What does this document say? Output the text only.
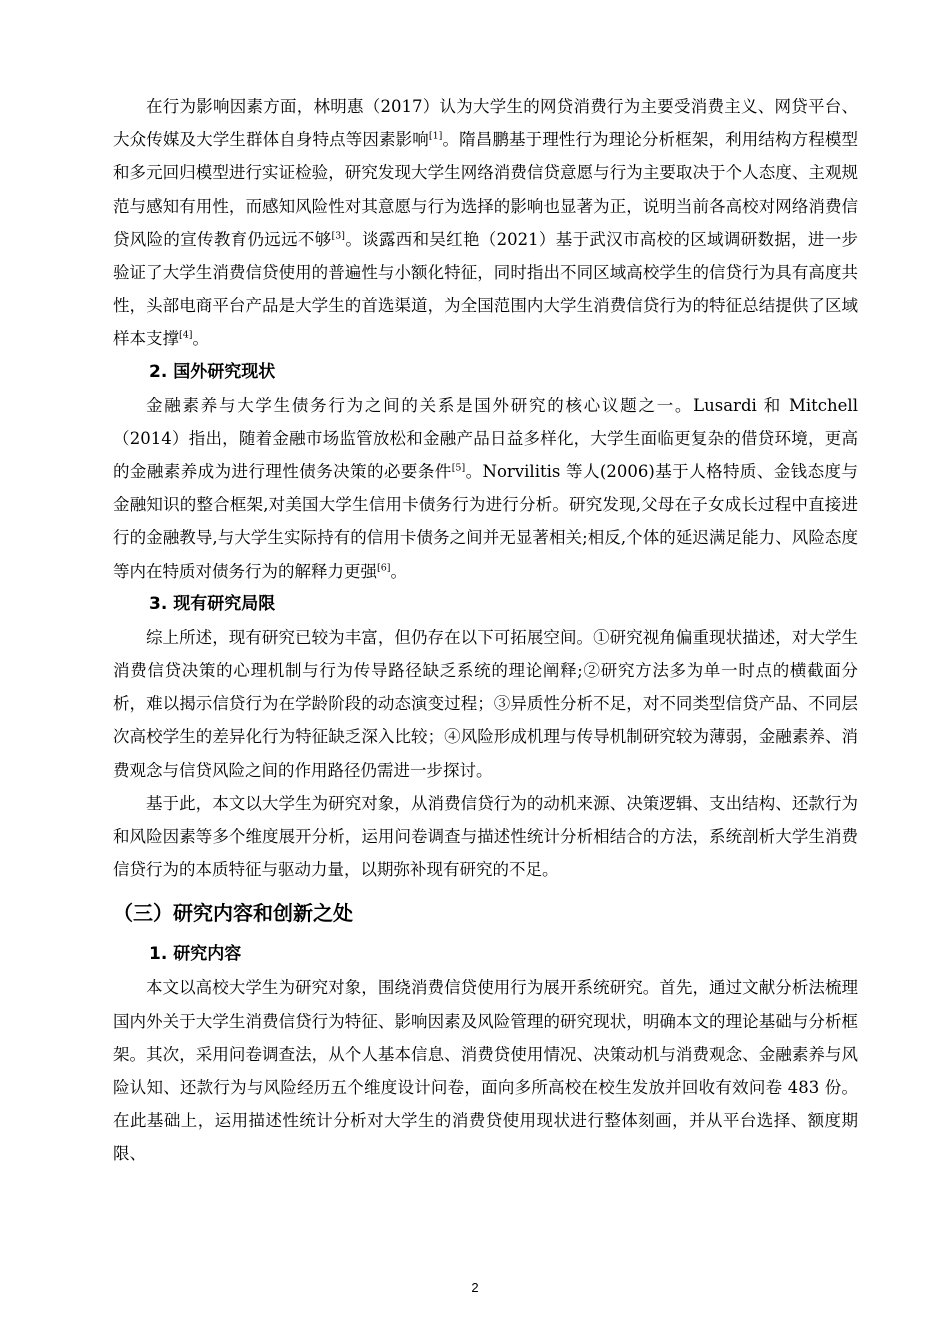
在行为影响因素方面，林明惠（2017）认为大学生的网贷消费行为主要受消费主义、网贷平台、大众传媒及大学生群体自身特点等因素影响[1]。隋昌鹏基于理性行为理论分析框架，利用结构方程模型和多元回归模型进行实证检验，研究发现大学生网络消费信贷意愿与行为主要取决于个人态度、主观规范与感知有用性，而感知风险性对其意愿与行为选择的影响也显著为正，说明当前各高校对网络消费信贷风险的宣传教育仍远远不够[3]。谈露西和吴红艳（2021）基于武汉市高校的区域调研数据，进一步验证了大学生消费信贷使用的普遍性与小额化特征，同时指出不同区域高校学生的信贷行为具有高度共性，头部电商平台产品是大学生的首选渠道，为全国范围内大学生消费信贷行为的特征总结提供了区域样本支撑[4]。

2. 国外研究现状

金融素养与大学生债务行为之间的关系是国外研究的核心议题之一。Lusardi 和 Mitchell（2014）指出，随着金融市场监管放松和金融产品日益多样化，大学生面临更复杂的借贷环境，更高的金融素养成为进行理性债务决策的必要条件[5]。Norvilitis 等人(2006)基于人格特质、金钱态度与金融知识的整合框架,对美国大学生信用卡债务行为进行分析。研究发现,父母在子女成长过程中直接进行的金融教导,与大学生实际持有的信用卡债务之间并无显著相关;相反,个体的延迟满足能力、风险态度等内在特质对债务行为的解释力更强[6]。

3. 现有研究局限

综上所述，现有研究已较为丰富，但仍存在以下可拓展空间。①研究视角偏重现状描述，对大学生消费信贷决策的心理机制与行为传导路径缺乏系统的理论阐释;②研究方法多为单一时点的横截面分析，难以揭示信贷行为在学龄阶段的动态演变过程；③异质性分析不足，对不同类型信贷产品、不同层次高校学生的差异化行为特征缺乏深入比较；④风险形成机理与传导机制研究较为薄弱，金融素养、消费观念与信贷风险之间的作用路径仍需进一步探讨。

基于此，本文以大学生为研究对象，从消费信贷行为的动机来源、决策逻辑、支出结构、还款行为和风险因素等多个维度展开分析，运用问卷调查与描述性统计分析相结合的方法，系统剖析大学生消费信贷行为的本质特征与驱动力量，以期弥补现有研究的不足。

（三）研究内容和创新之处
1. 研究内容

本文以高校大学生为研究对象，围绕消费信贷使用行为展开系统研究。首先，通过文献分析法梳理国内外关于大学生消费信贷行为特征、影响因素及风险管理的研究现状，明确本文的理论基础与分析框架。其次，采用问卷调查法，从个人基本信息、消费贷使用情况、决策动机与消费观念、金融素养与风险认知、还款行为与风险经历五个维度设计问卷，面向多所高校在校生发放并回收有效问卷 483 份。在此基础上，运用描述性统计分析对大学生的消费贷使用现状进行整体刻画，并从平台选择、额度期限、

2
